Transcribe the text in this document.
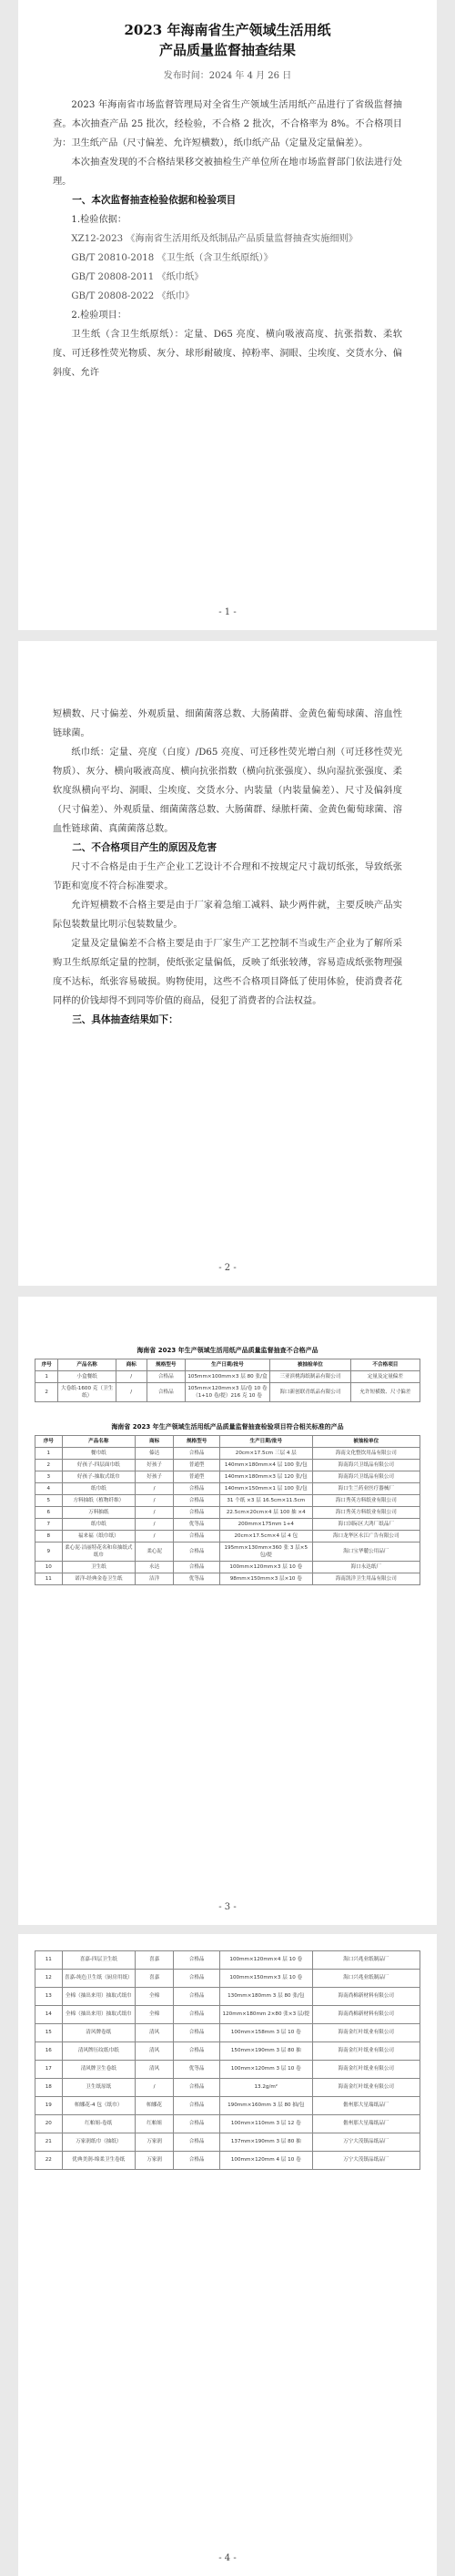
2023 年海南省生产领域生活用纸
产品质量监督抽查结果
发布时间：2024 年 4 月 26 日

2023 年海南省市场监督管理局对全省生产领域生活用纸产品进行了省级监督抽查。本次抽查产品 25 批次，经检验，不合格 2 批次，不合格率为 8%。不合格项目为：卫生纸产品（尺寸偏差、允许短横数），纸巾纸产品（定量及定量偏差）。

本次抽查发现的不合格结果移交被抽检生产单位所在地市场监督部门依法进行处理。

一、本次监督抽查检验依据和检验项目
1.检验依据：
XZ12-2023 《海南省生活用纸及纸制品产品质量监督抽查实施细则》
GB/T 20810-2018 《卫生纸（含卫生纸原纸）》
GB/T 20808-2011 《纸巾纸》
GB/T 20808-2022 《纸巾》
2.检验项目：

卫生纸（含卫生纸原纸）：定量、D65 亮度、横向吸液高度、抗张指数、柔软度、可迁移性荧光物质、灰分、球形耐破度、掉粉率、洞眼、尘埃度、交货水分、偏斜度、允许

- 1 -

短横数、尺寸偏差、外观质量、细菌菌落总数、大肠菌群、金黄色葡萄球菌、溶血性链球菌。

纸巾纸：定量、亮度（白度）/D65 亮度、可迁移性荧光增白剂（可迁移性荧光物质）、灰分、横向吸液高度、横向抗张指数（横向抗张强度）、纵向湿抗张强度、柔软度纵横向平均、洞眼、尘埃度、交货水分、内装量（内装量偏差）、尺寸及偏斜度（尺寸偏差）、外观质量、细菌菌落总数、大肠菌群、绿脓杆菌、金黄色葡萄球菌、溶血性链球菌、真菌菌落总数。

二、不合格项目产生的原因及危害

尺寸不合格是由于生产企业工艺设计不合理和不按规定尺寸裁切纸张，导致纸张节距和宽度不符合标准要求。

允许短横数不合格主要是由于厂家着急缩工减料、缺少两件就，主要反映产品实际包装数量比明示包装数量少。

定量及定量偏差不合格主要是由于厂家生产工艺控制不当或生产企业为了解所采购卫生纸原纸定量的控制，使纸张定量偏低，反映了纸张较薄，容易造成纸张物理强度不达标，纸张容易破损。购物使用，这些不合格项目降低了使用体验，使消费者花同样的价钱却得不到同等价值的商品，侵犯了消费者的合法权益。

三、具体抽查结果如下：
- 2 -
海南省 2023 年生产领域生活用纸产品质量监督抽查不合格产品
序号	产品名称	商标	规格型号	生产日期/批号	被抽检单位	不合格项目
1	小盒餐纸	/	合格品	105mm×100mm×3 层 80 张/盒	三亚滨桃海纸制品有限公司	定量及定量偏差
2	大卷纸-1600 克（卫生纸）	/	合格品	105mm×120mm×3 层/卷 10 卷（1+10 卷/提）216 克 10 卷	海口新创联青纸品有限公司	允许短横数、尺寸偏差
海南省 2023 年生产领域生活用纸产品质量监督抽查检验项目符合相关标准的产品
序号	产品名称	商标	规格型号	生产日期/批号	被抽检单位
1	餐巾纸	傣达	合格品	20cm×17.5cm 三层 4 层	海南文化整饮用品有限公司
2	好孩子-四层面巾纸	好孩子	普通型	140mm×180mm×4 层 100 张/包	海南海兴卫纸品有限公司
3	好孩子-抽取式纸巾	好孩子	普通型	140mm×180mm×3 层 120 张/包	海南海兴卫纸品有限公司
4	纸巾纸	/	合格品	140mm×150mm×1 层 100 张/包	海口生兰药业医疗器械厂
5	方料抽纸（植物纤维）	/	合格品	31 个纸 ×3 层 16.5cm×11.5cm	海口秀英方料纸业有限公司
6	万料抽纸	/	合格品	22.5cm×20cm×4 层 100 抽 ×4	海口秀英方料纸业有限公司
7	纸巾纸	/	优等品	200mm×175mm 1+4	海口国际区大鸿厂纸品厂
8	福来福（纸巾纸）	/	合格品	20cm×17.5cm×4 层 4 包	海口龙华区永江广告有限公司
9	柔心泥·洁丽特花名和帛抽纸式纸巾	柔心泥	合格品	195mm×130mm×360 张 3 层×5 包/提	海口宝华麓公用品厂
10	卫生纸	永达	合格品	100mm×120mm×3 层 10 卷	海口永达纸厂
11	诺洋-经典金卷卫生纸	洁洋	优等品	98mm×150mm×3 层×10 卷	海南凯洋卫生用品有限公司
- 3 -
11	喜嘉-四层卫生纸	喜嘉	合格品	100mm×120mm×4 层 10 卷	海口兴兆业纸制品厂
12	喜嘉-纯色卫生纸（厨房用纸）	喜嘉	合格品	100mm×150mm×3 层 10 卷	海口兴兆业纸制品厂
13	全棉（抽出来用）抽取式纸巾	全棉	合格品	130mm×180mm 3 层 80 张/包	海南尚棉新材料有限公司
14	全棉（抽出来用）抽取式纸巾	全棉	合格品	120mm×180mm 2×80 张×3 层/提	海南尚棉新材料有限公司
15	清风牌卷纸	清风	合格品	100mm×158mm 3 层 10 卷	海南金红叶纸业有限公司
16	清风牌压纹纸巾纸	清风	合格品	150mm×190mm 3 层 80 抽	海南金红叶纸业有限公司
17	清风牌卫生卷纸	清风	优等品	100mm×120mm 3 层 10 卷	海南金红叶纸业有限公司
18	卫生纸原纸	/	合格品	13.2g/m²	海南金红叶纸业有限公司
19	帕娜花-4 包（纸巾）	帕娜花	合格品	190mm×160mm 3 层 80 抽/包	儋州那大星瑞纸品厂
20	红帕姐-卷纸	红帕姐	合格品	100mm×110mm 3 层 12 卷	儋州那大星瑞纸品厂
21	万家润纸巾（抽纸）	万家润	合格品	137mm×190mm 3 层 80 抽	万宁大茂镇品纸品厂
22	优典美润-绵柔卫生卷纸	万家润	合格品	100mm×120mm 4 层 10 卷	万宁大茂镇品纸品厂
- 4 -
